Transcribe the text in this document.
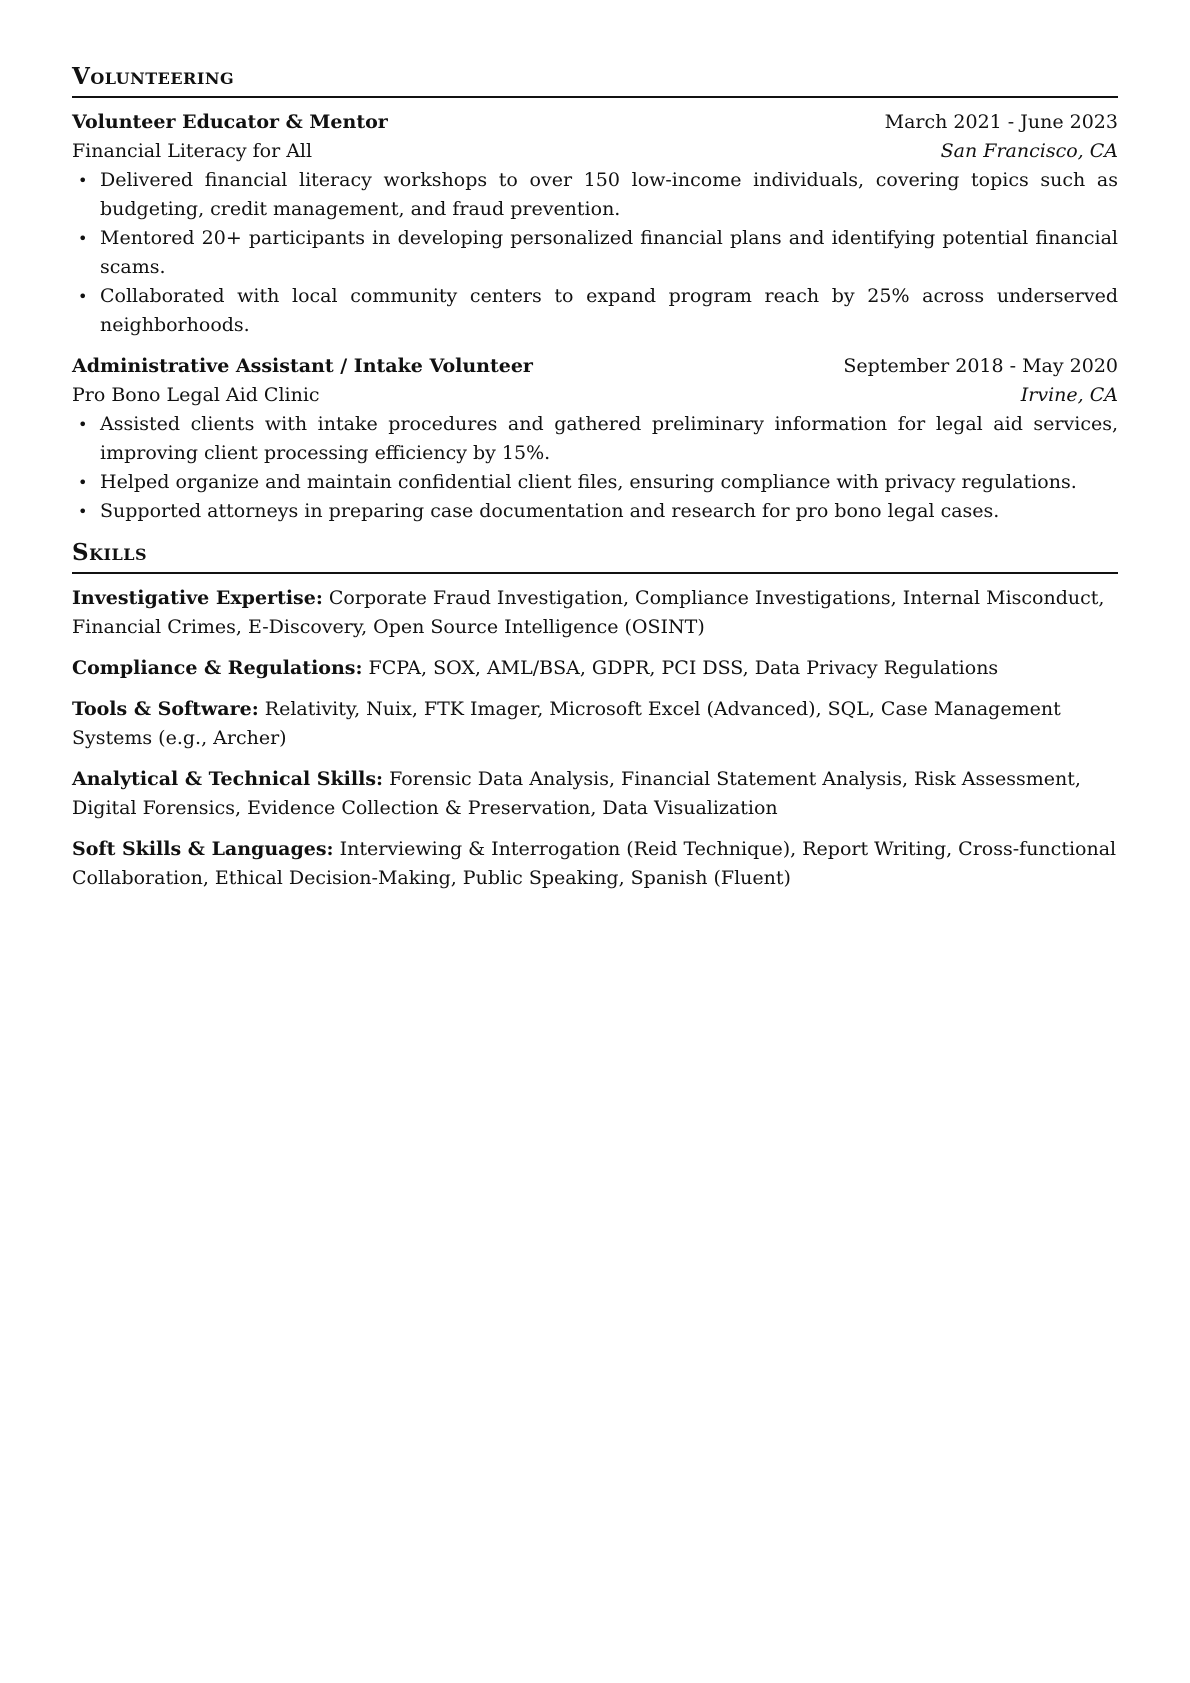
Volunteering
Volunteer Educator & Mentor	March 2021 - June 2023
Financial Literacy for All	San Francisco, CA
• Delivered financial literacy workshops to over 150 low-income individuals, covering topics such as budgeting, credit management, and fraud prevention.
• Mentored 20+ participants in developing personalized financial plans and identifying potential financial scams.
• Collaborated with local community centers to expand program reach by 25% across underserved neighborhoods.
Administrative Assistant / Intake Volunteer	September 2018 - May 2020
Pro Bono Legal Aid Clinic	Irvine, CA
• Assisted clients with intake procedures and gathered preliminary information for legal aid services, improving client processing efficiency by 15%.
• Helped organize and maintain confidential client files, ensuring compliance with privacy regulations.
• Supported attorneys in preparing case documentation and research for pro bono legal cases.
Skills
Investigative Expertise: Corporate Fraud Investigation, Compliance Investigations, Internal Misconduct, Financial Crimes, E-Discovery, Open Source Intelligence (OSINT)
Compliance & Regulations: FCPA, SOX, AML/BSA, GDPR, PCI DSS, Data Privacy Regulations
Tools & Software: Relativity, Nuix, FTK Imager, Microsoft Excel (Advanced), SQL, Case Management Systems (e.g., Archer)
Analytical & Technical Skills: Forensic Data Analysis, Financial Statement Analysis, Risk Assessment, Digital Forensics, Evidence Collection & Preservation, Data Visualization
Soft Skills & Languages: Interviewing & Interrogation (Reid Technique), Report Writing, Cross-functional Collaboration, Ethical Decision-Making, Public Speaking, Spanish (Fluent)
